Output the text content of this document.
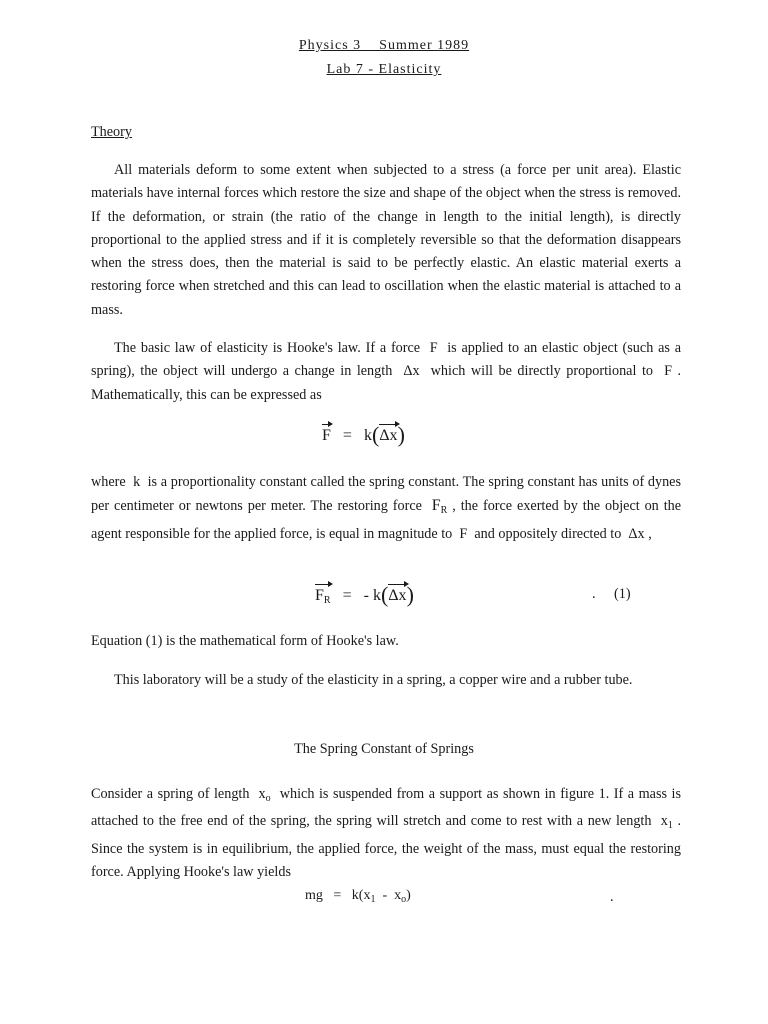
Physics 3    Summer 1989
Lab 7 - Elasticity
Theory
All materials deform to some extent when subjected to a stress (a force per unit area). Elastic materials have internal forces which restore the size and shape of the object when the stress is removed. If the deformation, or strain (the ratio of the change in length to the initial length), is directly proportional to the applied stress and if it is completely reversible so that the deformation disappears when the stress does, then the material is said to be perfectly elastic. An elastic material exerts a restoring force when stretched and this can lead to oscillation when the elastic material is attached to a mass.
The basic law of elasticity is Hooke's law. If a force F is applied to an elastic object (such as a spring), the object will undergo a change in length Δx which will be directly proportional to F . Mathematically, this can be expressed as
F = k(Δx)
where k is a proportionality constant called the spring constant. The spring constant has units of dynes per centimeter or newtons per meter. The restoring force $F_R$ , the force exerted by the object on the agent responsible for the applied force, is equal in magnitude to F and oppositely directed to Δx ,
$F_R$ = - k(Δx)	. (1)
Equation (1) is the mathematical form of Hooke's law.
This laboratory will be a study of the elasticity in a spring, a copper wire and a rubber tube.
The Spring Constant of Springs
Consider a spring of length $x_o$ which is suspended from a support as shown in figure 1. If a mass is attached to the free end of the spring, the spring will stretch and come to rest with a new length $x_1$ . Since the system is in equilibrium, the applied force, the weight of the mass, must equal the restoring force. Applying Hooke's law yields
mg = $k(x_1 - x_o)$	.
